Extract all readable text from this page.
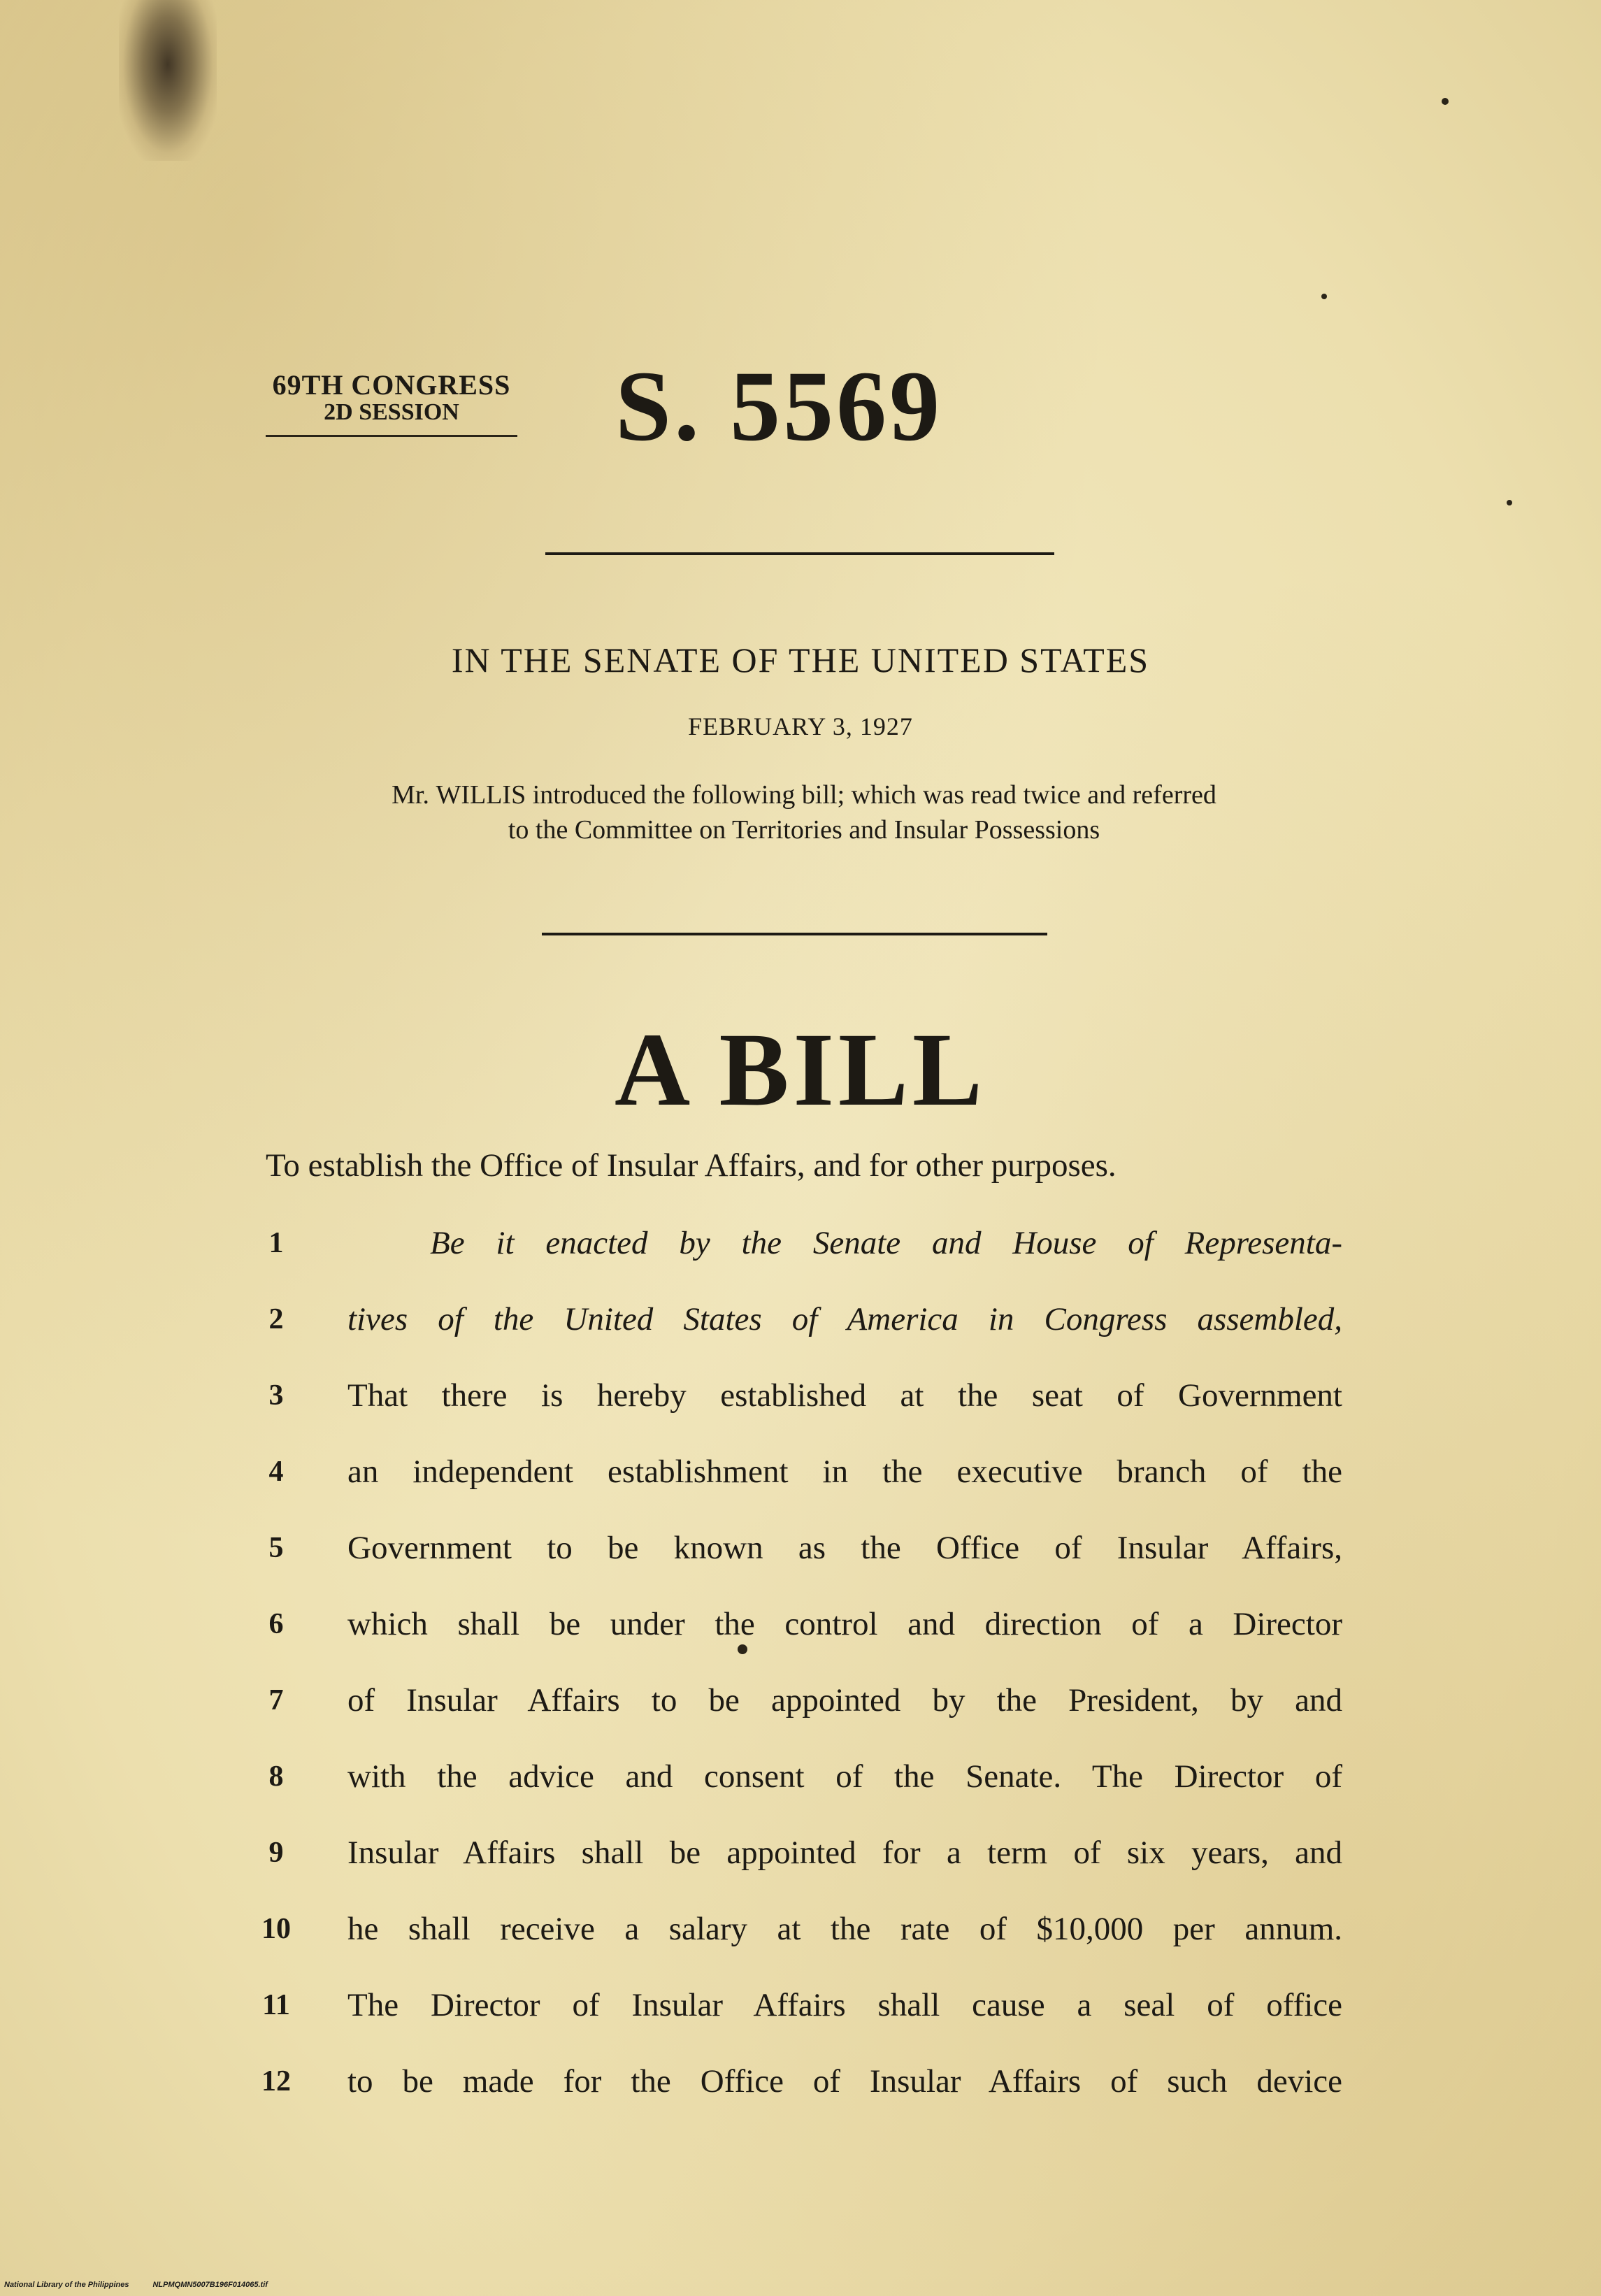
69TH CONGRESS
2D SESSION	S. 5569
IN THE SENATE OF THE UNITED STATES
FEBRUARY 3, 1927
Mr. WILLIS introduced the following bill; which was read twice and referred
to the Committee on Territories and Insular Possessions
A BILL
To establish the Office of Insular Affairs, and for other purposes.
1	Be it enacted by the Senate and House of Representa-
2	tives of the United States of America in Congress assembled,
3	That there is hereby established at the seat of Government
4	an independent establishment in the executive branch of the
5	Government to be known as the Office of Insular Affairs,
6	which shall be under the control and direction of a Director
7	of Insular Affairs to be appointed by the President, by and
8	with the advice and consent of the Senate. The Director of
9	Insular Affairs shall be appointed for a term of six years, and
10 he shall receive a salary at the rate of $10,000 per annum.
11	The Director of Insular Affairs shall cause a seal of office
12 to be made for the Office of Insular Affairs of such device
National Library of the Philippines	NLPMQMN5007B196F014065.tif
